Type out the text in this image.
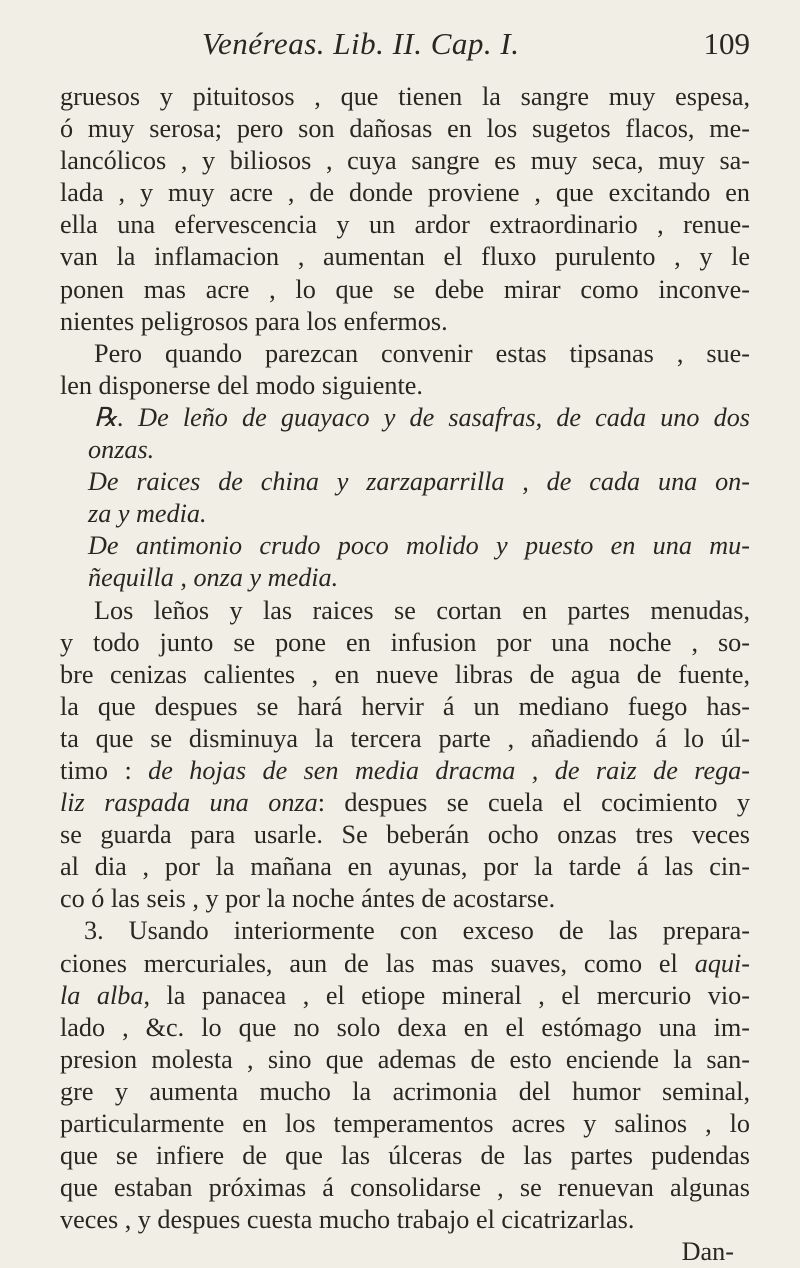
Venéreas. Lib. II. Cap. I.	109
gruesos y pituitosos , que tienen la sangre muy espesa,
ó muy serosa; pero son dañosas en los sugetos flacos, me-
lancólicos , y biliosos , cuya sangre es muy seca, muy sa-
lada , y muy acre , de donde proviene , que excitando en
ella una efervescencia y un ardor extraordinario , renue-
van la inflamacion , aumentan el fluxo purulento , y le
ponen mas acre , lo que se debe mirar como inconve-
nientes peligrosos para los enfermos.
Pero quando parezcan convenir estas tipsanas , sue-
len disponerse del modo siguiente.
℞. De leño de guayaco y de sasafras, de cada uno dos
onzas.
De raices de china y zarzaparrilla , de cada una on-
za y media.
De antimonio crudo poco molido y puesto en una mu-
ñequilla , onza y media.
Los leños y las raices se cortan en partes menudas,
y todo junto se pone en infusion por una noche , so-
bre cenizas calientes , en nueve libras de agua de fuente,
la que despues se hará hervir á un mediano fuego has-
ta que se disminuya la tercera parte , añadiendo á lo úl-
timo : de hojas de sen media dracma , de raiz de rega-
liz raspada una onza: despues se cuela el cocimiento y
se guarda para usarle. Se beberán ocho onzas tres veces
al dia , por la mañana en ayunas, por la tarde á las cin-
co ó las seis , y por la noche ántes de acostarse.
3. Usando interiormente con exceso de las prepara-
ciones mercuriales, aun de las mas suaves, como el aqui-
la alba, la panacea , el etiope mineral , el mercurio vio-
lado , &c. lo que no solo dexa en el estómago una im-
presion molesta , sino que ademas de esto enciende la san-
gre y aumenta mucho la acrimonia del humor seminal,
particularmente en los temperamentos acres y salinos , lo
que se infiere de que las úlceras de las partes pudendas
que estaban próximas á consolidarse , se renuevan algunas
veces , y despues cuesta mucho trabajo el cicatrizarlas.
Dan-
